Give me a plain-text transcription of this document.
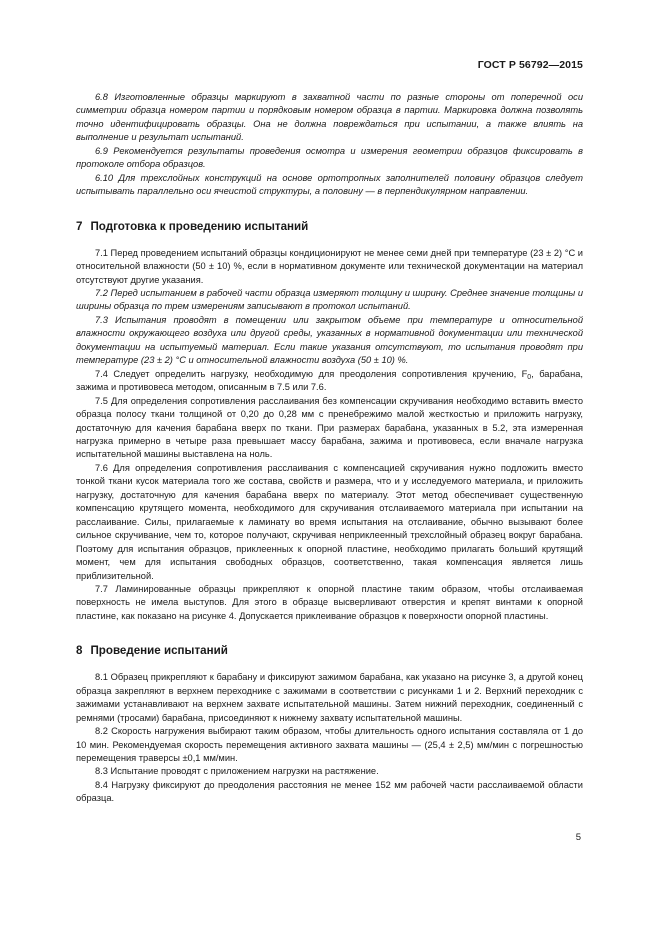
ГОСТ Р 56792—2015

6.8 Изготовленные образцы маркируют в захватной части по разные стороны от поперечной оси симметрии образца номером партии и порядковым номером образца в партии. Маркировка должна позволять точно идентифицировать образцы. Она не должна повреждаться при испытании, а также влиять на выполнение и результат испытаний.

6.9 Рекомендуется результаты проведения осмотра и измерения геометрии образцов фиксировать в протоколе отбора образцов.

6.10 Для трехслойных конструкций на основе ортотропных заполнителей половину образцов следует испытывать параллельно оси ячеистой структуры, а половину — в перпендикулярном направлении.

7 Подготовка к проведению испытаний

7.1 Перед проведением испытаний образцы кондиционируют не менее семи дней при температуре (23 ± 2) °С и относительной влажности (50 ± 10) %, если в нормативном документе или технической документации на материал отсутствуют другие указания.

7.2 Перед испытанием в рабочей части образца измеряют толщину и ширину. Среднее значение толщины и ширины образца по трем измерениям записывают в протокол испытаний.

7.3 Испытания проводят в помещении или закрытом объеме при температуре и относительной влажности окружающего воздуха или другой среды, указанных в нормативной документации или технической документации на испытуемый материал. Если такие указания отсутствуют, то испытания проводят при температуре (23 ± 2) °С и относительной влажности воздуха (50 ± 10) %.

7.4 Следует определить нагрузку, необходимую для преодоления сопротивления кручению, $F_0$, барабана, зажима и противовеса методом, описанным в 7.5 или 7.6.

7.5 Для определения сопротивления расслаивания без компенсации скручивания необходимо вставить вместо образца полосу ткани толщиной от 0,20 до 0,28 мм с пренебрежимо малой жесткостью и приложить нагрузку, достаточную для качения барабана вверх по ткани. При размерах барабана, указанных в 5.2, эта измеренная нагрузка примерно в четыре раза превышает массу барабана, зажима и противовеса, если вначале нагрузка испытательной машины выставлена на ноль.

7.6 Для определения сопротивления расслаивания с компенсацией скручивания нужно подложить вместо тонкой ткани кусок материала того же состава, свойств и размера, что и у исследуемого материала, и приложить нагрузку, достаточную для качения барабана вверх по материалу. Этот метод обеспечивает существенную компенсацию крутящего момента, необходимого для скручивания отслаиваемого материала при испытании на расслаивание. Силы, прилагаемые к ламинату во время испытания на отслаивание, обычно вызывают более сильное скручивание, чем то, которое получают, скручивая неприклеенный трехслойный образец вокруг барабана. Поэтому для испытания образцов, приклеенных к опорной пластине, необходимо прилагать больший крутящий момент, чем для испытания свободных образцов, соответственно, такая компенсация является лишь приблизительной.

7.7 Ламинированные образцы прикрепляют к опорной пластине таким образом, чтобы отслаиваемая поверхность не имела выступов. Для этого в образце высверливают отверстия и крепят винтами к опорной пластине, как показано на рисунке 4. Допускается приклеивание образцов к поверхности опорной пластины.

8 Проведение испытаний

8.1 Образец прикрепляют к барабану и фиксируют зажимом барабана, как указано на рисунке 3, а другой конец образца закрепляют в верхнем переходнике с зажимами в соответствии с рисунками 1 и 2. Верхний переходник с зажимами устанавливают на верхнем захвате испытательной машины. Затем нижний переходник, соединенный с ремнями (тросами) барабана, присоединяют к нижнему захвату испытательной машины.

8.2 Скорость нагружения выбирают таким образом, чтобы длительность одного испытания составляла от 1 до 10 мин. Рекомендуемая скорость перемещения активного захвата машины — (25,4 ± 2,5) мм/мин с погрешностью перемещения траверсы ±0,1 мм/мин.

8.3 Испытание проводят с приложением нагрузки на растяжение.

8.4 Нагрузку фиксируют до преодоления расстояния не менее 152 мм рабочей части расслаиваемой области образца.

5
